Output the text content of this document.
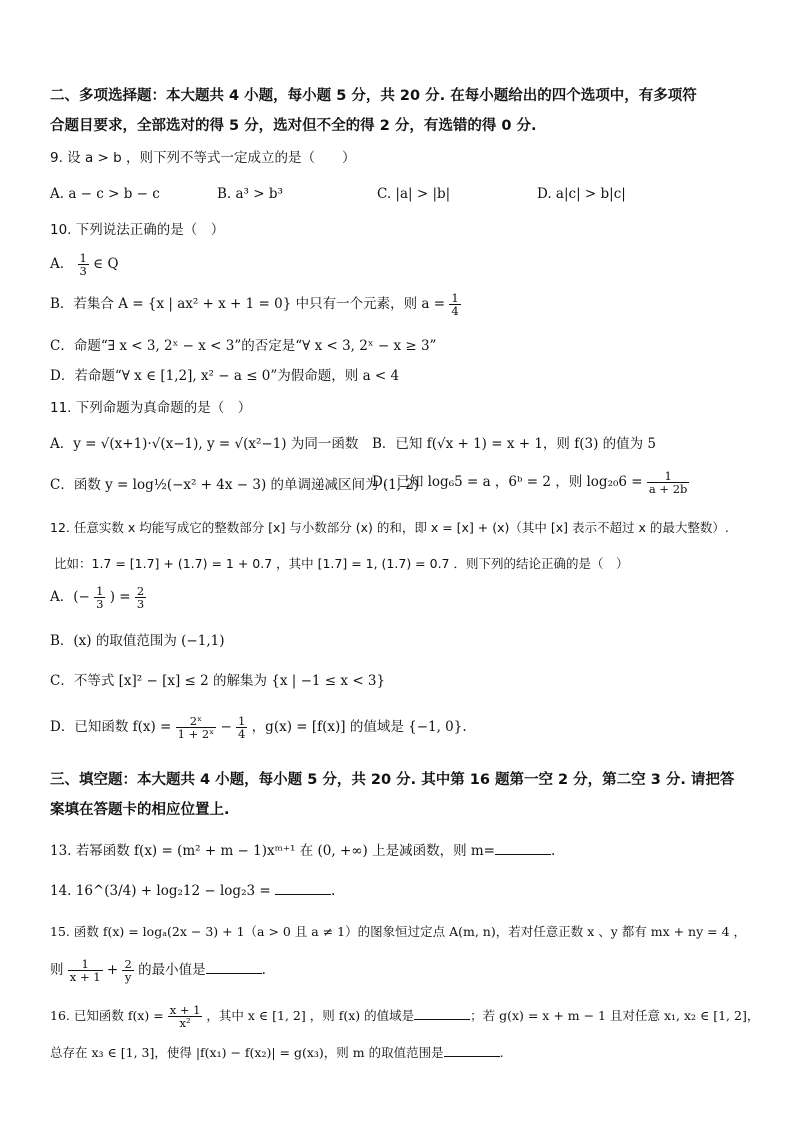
二、多项选择题：本大题共 4 小题，每小题 5 分，共 20 分. 在每小题给出的四个选项中，有多项符
合题目要求，全部选对的得 5 分，选对但不全的得 2 分，有选错的得 0 分.
9. 设 a > b ，则下列不等式一定成立的是（　　）
A. a − c > b − c	B. a³ > b³	C. |a| > |b|	D. a|c| > b|c|
10. 下列说法正确的是（　）
A． $\frac{1}{3}$ ∈ Q
B．若集合 A = {x | ax² + x + 1 = 0} 中只有一个元素，则 $a = \frac{1}{4}$
C．命题“∃ x < 3, 2ˣ − x < 3”的否定是“∀ x < 3, 2ˣ − x ≥ 3”
D．若命题“∀ x ∈ [1,2], x² − a ≤ 0”为假命题，则 a < 4
11. 下列命题为真命题的是（　）
A．y = √(x+1)·√(x−1), y = √(x²−1) 为同一函数 B．已知 f(√x + 1) = x + 1，则 f(3) 的值为 5
C．函数 y = log½(−x² + 4x − 3) 的单调递减区间为 (1, 2)
D．已知 log₆5 = a ，6ᵇ = 2 ，则 $\log_{20}6 = \frac{1}{a + 2b}$
12. 任意实数 x 均能写成它的整数部分 [x] 与小数部分 (x) 的和，即 x = [x] + (x)（其中 [x] 表示不超过 x 的最大整数）.
比如：1.7 = [1.7] + (1.7) = 1 + 0.7 ，其中 [1.7] = 1, (1.7) = 0.7 ．则下列的结论正确的是（　）
A．(− $\frac{1}{3}$ ) = $\frac{2}{3}$
B．(x) 的取值范围为 (−1,1)
C．不等式 [x]² − [x] ≤ 2 的解集为 {x | −1 ≤ x < 3}
D．已知函数 $f(x) = \frac{\text{2ˣ}}{\text{1 + 2ˣ}} - \frac{1}{4}$ ，g(x) = [f(x)] 的值域是 {−1, 0}.
三、填空题：本大题共 4 小题，每小题 5 分，共 20 分. 其中第 16 题第一空 2 分，第二空 3 分. 请把答
案填在答题卡的相应位置上.
13. 若幂函数 f(x) = (m² + m − 1)xᵐ⁺¹ 在 (0, +∞) 上是减函数，则 m=	.
14. 16^(3/4) + log₂12 − log₂3 =	.
15. 函数 f(x) = logₐ(2x − 3) + 1（a > 0 且 a ≠ 1）的图象恒过定点 A(m, n)，若对任意正数 x 、y 都有 mx + ny = 4 ，
则 $\frac{1}{x + 1} + \frac{2}{y}$ 的最小值是	.
16. 已知函数 $f(x) = \frac{x + 1}{\text{x²}}$ ，其中 x ∈ [1, 2] ，则 f(x) 的值域是	；若 g(x) = x + m − 1 且对任意 x₁, x₂ ∈ [1, 2]，
总存在 x₃ ∈ [1, 3]，使得 |f(x₁) − f(x₂)| = g(x₃)，则 m 的取值范围是	.
